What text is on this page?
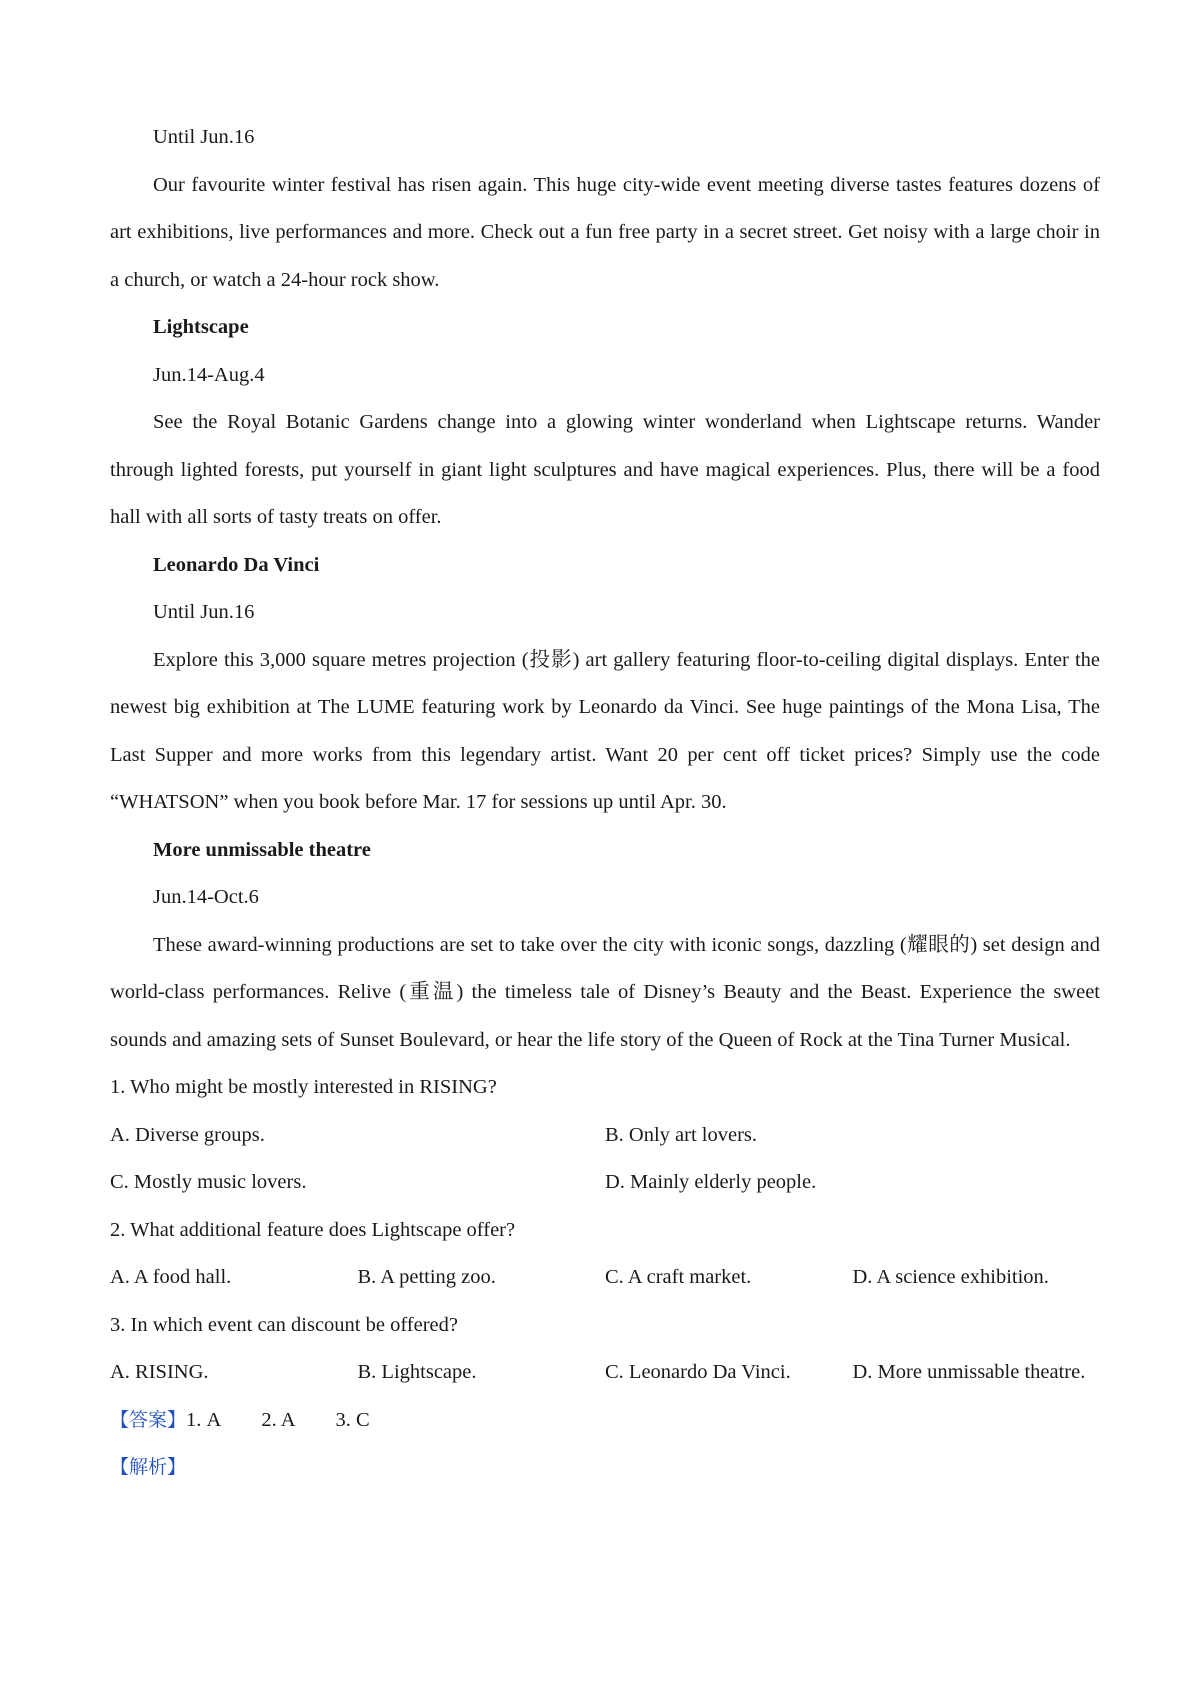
Until Jun.16

Our favourite winter festival has risen again. This huge city-wide event meeting diverse tastes features dozens of art exhibitions, live performances and more. Check out a fun free party in a secret street. Get noisy with a large choir in a church, or watch a 24-hour rock show.

Lightscape

Jun.14-Aug.4

See the Royal Botanic Gardens change into a glowing winter wonderland when Lightscape returns. Wander through lighted forests, put yourself in giant light sculptures and have magical experiences. Plus, there will be a food hall with all sorts of tasty treats on offer.

Leonardo Da Vinci

Until Jun.16

Explore this 3,000 square metres projection (投影) art gallery featuring floor-to-ceiling digital displays. Enter the newest big exhibition at The LUME featuring work by Leonardo da Vinci. See huge paintings of the Mona Lisa, The Last Supper and more works from this legendary artist. Want 20 per cent off ticket prices? Simply use the code “WHATSON” when you book before Mar. 17 for sessions up until Apr. 30.

More unmissable theatre

Jun.14-Oct.6

These award-winning productions are set to take over the city with iconic songs, dazzling (耀眼的) set design and world-class performances. Relive (重温) the timeless tale of Disney’s Beauty and the Beast. Experience the sweet sounds and amazing sets of Sunset Boulevard, or hear the life story of the Queen of Rock at the Tina Turner Musical.

1. Who might be mostly interested in RISING?

A. Diverse groups.	B. Only art lovers.
C. Mostly music lovers.	D. Mainly elderly people.

2. What additional feature does Lightscape offer?

A. A food hall.	B. A petting zoo.	C. A craft market.	D. A science exhibition.

3. In which event can discount be offered?

A. RISING.	B. Lightscape.	C. Leonardo Da Vinci.	D. More unmissable theatre.

【答案】1. A 2. A 3. C

【解析】
